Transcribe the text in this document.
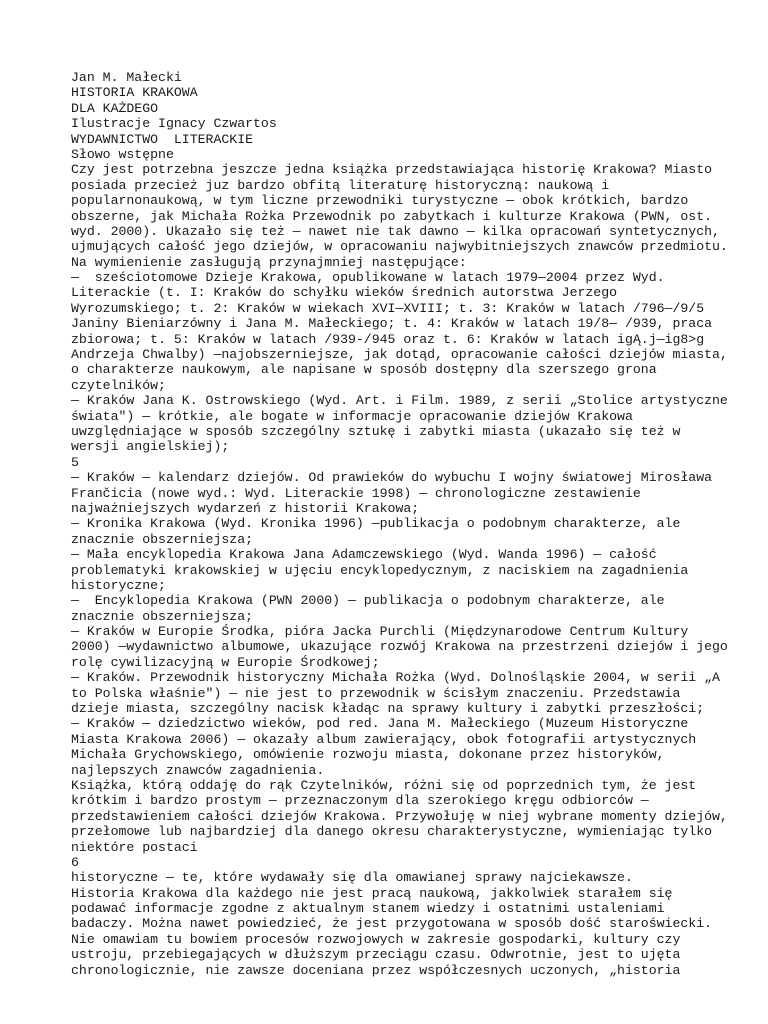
Jan M. Małecki
HISTORIA KRAKOWA
DLA KAŻDEGO
Ilustracje Ignacy Czwartos
WYDAWNICTWO  LITERACKIE
Słowo wstępne
Czy jest potrzebna jeszcze jedna książka przedstawiająca historię Krakowa? Miasto
posiada przecież juz bardzo obfitą literaturę historyczną: naukową i
popularnonaukową, w tym liczne przewodniki turystyczne — obok krótkich, bardzo
obszerne, jak Michała Rożka Przewodnik po zabytkach i kulturze Krakowa (PWN, ost.
wyd. 2000). Ukazało się też — nawet nie tak dawno — kilka opracowań syntetycznych,
ujmujących całość jego dziejów, w opracowaniu najwybitniejszych znawców przedmiotu.
Na wymienienie zasługują przynajmniej następujące:
—  sześciotomowe Dzieje Krakowa, opublikowane w latach 1979—2004 przez Wyd.
Literackie (t. I: Kraków do schyłku wieków średnich autorstwa Jerzego
Wyrozumskiego; t. 2: Kraków w wiekach XVI—XVIII; t. 3: Kraków w latach /796—/9/5
Janiny Bieniarzówny i Jana M. Małeckiego; t. 4: Kraków w latach 19/8— /939, praca
zbiorowa; t. 5: Kraków w latach /939-/945 oraz t. 6: Kraków w latach igĄ.j—ig8>g
Andrzeja Chwalby) —najobszerniejsze, jak dotąd, opracowanie całości dziejów miasta,
o charakterze naukowym, ale napisane w sposób dostępny dla szerszego grona
czytelników;
— Kraków Jana K. Ostrowskiego (Wyd. Art. i Film. 1989, z serii „Stolice artystyczne
świata") — krótkie, ale bogate w informacje opracowanie dziejów Krakowa
uwzględniające w sposób szczególny sztukę i zabytki miasta (ukazało się też w
wersji angielskiej);
5
— Kraków — kalendarz dziejów. Od prawieków do wybuchu I wojny światowej Mirosława
Frančicia (nowe wyd.: Wyd. Literackie 1998) — chronologiczne zestawienie
najważniejszych wydarzeń z historii Krakowa;
— Kronika Krakowa (Wyd. Kronika 1996) —publikacja o podobnym charakterze, ale
znacznie obszerniejsza;
— Mała encyklopedia Krakowa Jana Adamczewskiego (Wyd. Wanda 1996) — całość
problematyki krakowskiej w ujęciu encyklopedycznym, z naciskiem na zagadnienia
historyczne;
—  Encyklopedia Krakowa (PWN 2000) — publikacja o podobnym charakterze, ale
znacznie obszerniejsza;
— Kraków w Europie Środka, pióra Jacka Purchli (Międzynarodowe Centrum Kultury
2000) —wydawnictwo albumowe, ukazujące rozwój Krakowa na przestrzeni dziejów i jego
rolę cywilizacyjną w Europie Środkowej;
— Kraków. Przewodnik historyczny Michała Rożka (Wyd. Dolnośląskie 2004, w serii „A
to Polska właśnie") — nie jest to przewodnik w ścisłym znaczeniu. Przedstawia
dzieje miasta, szczególny nacisk kładąc na sprawy kultury i zabytki przeszłości;
— Kraków — dziedzictwo wieków, pod red. Jana M. Małeckiego (Muzeum Historyczne
Miasta Krakowa 2006) — okazały album zawierający, obok fotografii artystycznych
Michała Grychowskiego, omówienie rozwoju miasta, dokonane przez historyków,
najlepszych znawców zagadnienia.
Książka, którą oddaję do rąk Czytelników, różni się od poprzednich tym, że jest
krótkim i bardzo prostym — przeznaczonym dla szerokiego kręgu odbiorców —
przedstawieniem całości dziejów Krakowa. Przywołuję w niej wybrane momenty dziejów,
przełomowe lub najbardziej dla danego okresu charakterystyczne, wymieniając tylko
niektóre postaci
6
historyczne — te, które wydawały się dla omawianej sprawy najciekawsze.
Historia Krakowa dla każdego nie jest pracą naukową, jakkolwiek starałem się
podawać informacje zgodne z aktualnym stanem wiedzy i ostatnimi ustaleniami
badaczy. Można nawet powiedzieć, że jest przygotowana w sposób dość staroświecki.
Nie omawiam tu bowiem procesów rozwojowych w zakresie gospodarki, kultury czy
ustroju, przebiegających w dłuższym przeciągu czasu. Odwrotnie, jest to ujęta
chronologicznie, nie zawsze doceniana przez współczesnych uczonych, „historia
